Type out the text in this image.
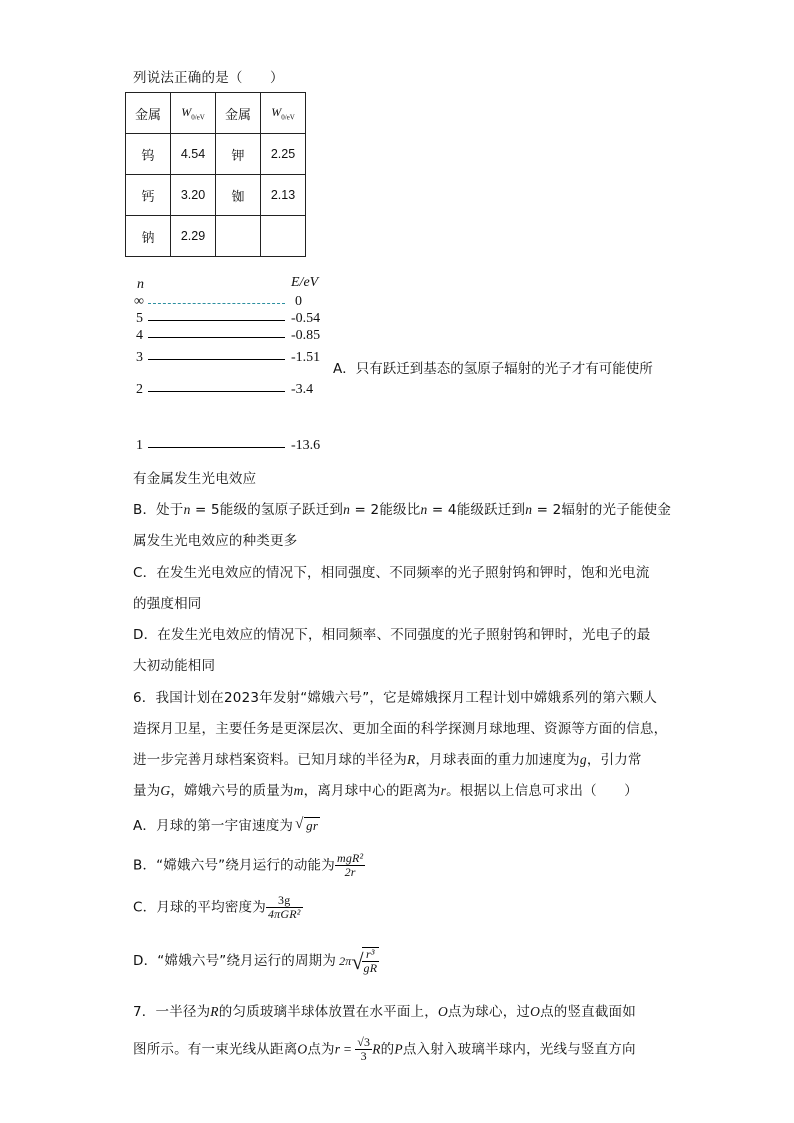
列说法正确的是（　　）
金属	$W_{0/eV}$	金属	$W_{0/eV}$
钨	4.54	钾	2.25
钙	3.20	铷	2.13
钠	2.29		
n	E/eV
∞	0
5	-0.54
4	-0.85
3	-1.51
2	-3.4
1	-13.6
A．只有跃迁到基态的氢原子辐射的光子才有可能使所
有金属发生光电效应
B．处于n = 5能级的氢原子跃迁到n = 2能级比n = 4能级跃迁到n = 2辐射的光子能使金
属发生光电效应的种类更多
C．在发生光电效应的情况下，相同强度、不同频率的光子照射钨和钾时，饱和光电流
的强度相同
D．在发生光电效应的情况下，相同频率、不同强度的光子照射钨和钾时，光电子的最
大初动能相同
6．我国计划在2023年发射“嫦娥六号”，它是嫦娥探月工程计划中嫦娥系列的第六颗人
造探月卫星，主要任务是更深层次、更加全面的科学探测月球地理、资源等方面的信息，
进一步完善月球档案资料。已知月球的半径为R，月球表面的重力加速度为g，引力常
量为G，嫦娥六号的质量为m，离月球中心的距离为r。根据以上信息可求出（　　）
A．月球的第一宇宙速度为 √ gr
B．“嫦娥六号”绕月运行的动能为 $\frac{\text{mgR²}}{2r}$
C．月球的平均密度为 $\frac{3g}{\text{4πGR²}}$
D．“嫦娥六号”绕月运行的周期为 2π √
$\frac{\text{r³}}{gR}$
7．一半径为R的匀质玻璃半球体放置在水平面上，O点为球心，过O点的竖直截面如
图所示。有一束光线从距离O点为$r = \frac{√3}{3}$ R的P点入射入玻璃半球内，光线与竖直方向
